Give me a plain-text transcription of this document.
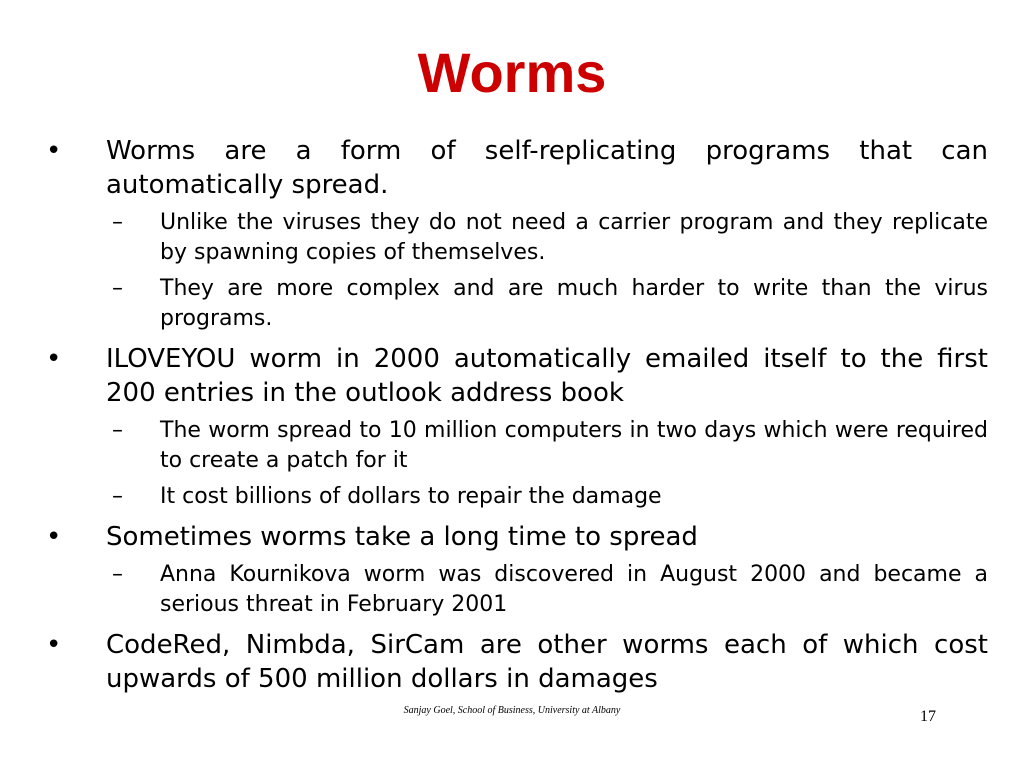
Worms
• Worms are a form of self-replicating programs that can automatically spread.
– Unlike the viruses they do not need a carrier program and they replicate by spawning copies of themselves.
– They are more complex and are much harder to write than the virus programs.
• ILOVEYOU worm in 2000 automatically emailed itself to the first 200 entries in the outlook address book
– The worm spread to 10 million computers in two days which were required to create a patch for it
– It cost billions of dollars to repair the damage
• Sometimes worms take a long time to spread
– Anna Kournikova worm was discovered in August 2000 and became a serious threat in February 2001
• CodeRed, Nimbda, SirCam are other worms each of which cost upwards of 500 million dollars in damages
Sanjay Goel, School of Business, University at Albany	17
